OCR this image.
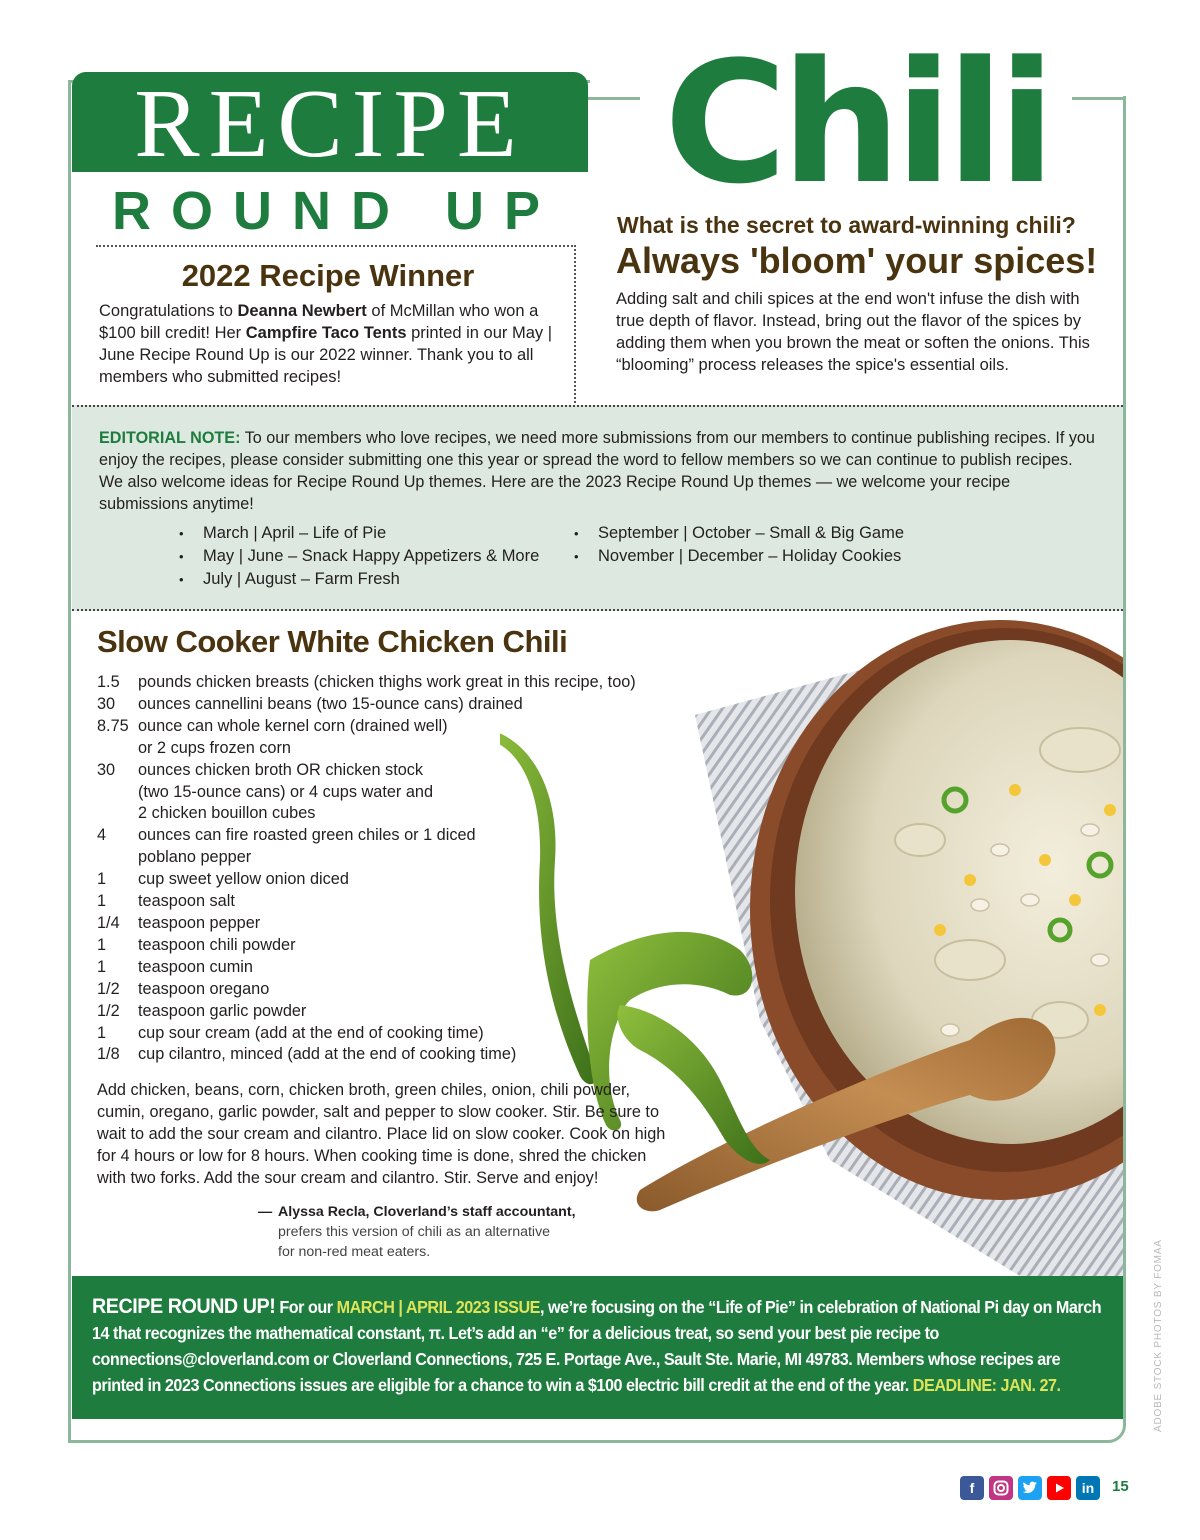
RECIPE
ROUND UP Chili
2022 Recipe Winner
Congratulations to Deanna Newbert of McMillan who won a $100 bill credit! Her Campfire Taco Tents printed in our May | June Recipe Round Up is our 2022 winner. Thank you to all members who submitted recipes!
What is the secret to award-winning chili?
Always 'bloom' your spices!
Adding salt and chili spices at the end won't infuse the dish with true depth of flavor. Instead, bring out the flavor of the spices by adding them when you brown the meat or soften the onions. This “blooming” process releases the spice's essential oils.
EDITORIAL NOTE: To our members who love recipes, we need more submissions from our members to continue publishing recipes. If you enjoy the recipes, please consider submitting one this year or spread the word to fellow members so we can continue to publish recipes. We also welcome ideas for Recipe Round Up themes. Here are the 2023 Recipe Round Up themes — we welcome your recipe submissions anytime!
• March | April – Life of Pie
• May | June – Snack Happy Appetizers & More
• July | August – Farm Fresh
• September | October – Small & Big Game
• November | December – Holiday Cookies
Slow Cooker White Chicken Chili
1.5	pounds chicken breasts (chicken thighs work great in this recipe, too)
30	ounces cannellini beans (two 15-ounce cans) drained
8.75 ounce can whole kernel corn (drained well)
or 2 cups frozen corn
30	ounces chicken broth OR chicken stock
(two 15-ounce cans) or 4 cups water and
2 chicken bouillon cubes
4	ounces can fire roasted green chiles or 1 diced
poblano pepper
1	cup sweet yellow onion diced
1	teaspoon salt
1/4	teaspoon pepper
1	teaspoon chili powder
1	teaspoon cumin
1/2	teaspoon oregano
1/2	teaspoon garlic powder
1	cup sour cream (add at the end of cooking time)
1/8	cup cilantro, minced (add at the end of cooking time)
Add chicken, beans, corn, chicken broth, green chiles, onion, chili powder, cumin, oregano, garlic powder, salt and pepper to slow cooker. Stir. Be sure to wait to add the sour cream and cilantro. Place lid on slow cooker. Cook on high for 4 hours or low for 8 hours. When cooking time is done, shred the chicken with two forks. Add the sour cream and cilantro. Stir. Serve and enjoy!
— Alyssa Recla, Cloverland’s staff accountant,
prefers this version of chili as an alternative
for non-red meat eaters.
RECIPE ROUND UP! For our MARCH | APRIL 2023 ISSUE, we’re focusing on the “Life of Pie” in celebration of National Pi day on March 14 that recognizes the mathematical constant, π. Let’s add an “e” for a delicious treat, so send your best pie recipe to connections@cloverland.com or Cloverland Connections, 725 E. Portage Ave., Sault Ste. Marie, MI 49783. Members whose recipes are printed in 2023 Connections issues are eligible for a chance to win a $100 electric bill credit at the end of the year. DEADLINE: JAN. 27.	ADOBE STOCK PHOTOS BY FOMAA
f	in	15
